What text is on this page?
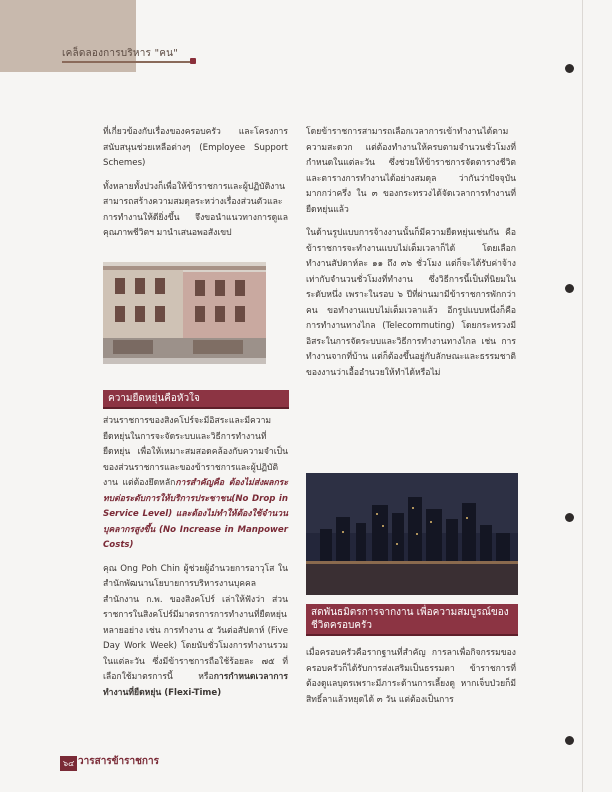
เคล็ดลองการบริหาร "คน"

ที่เกี่ยวข้องกับเรื่องของครอบครัว และโครงการสนับสนุนช่วยเหลือต่างๆ (Employee Support Schemes)

ทั้งหลายทั้งปวงก็เพื่อให้ข้าราชการและผู้ปฏิบัติงานสามารถสร้างความสมดุลระหว่างเรื่องส่วนตัวและการทำงานให้ดียิ่งขึ้น จึงขอนำแนวทางการดูแลคุณภาพชีวิตฯ มานำเสนอพอสังเขป

ความยืดหยุ่นคือหัวใจ

ส่วนราชการของสิงคโปร์จะมีอิสระและมีความยืดหยุ่นในการจะจัดระบบและวิธีการทำงานที่ยืดหยุ่น เพื่อให้เหมาะสมสอดคล้องกับความจำเป็นของส่วนราชการและของข้าราชการและผู้ปฏิบัติงาน แต่ต้องยึดหลักการสำคัญคือ ต้องไม่ส่งผลกระทบต่อระดับการให้บริการประชาชน(No Drop in Service Level) และต้องไม่ทำให้ต้องใช้จำนวนบุคลากรสูงขึ้น (No Increase in Manpower Costs)

คุณ Ong Poh Chin ผู้ช่วยผู้อำนวยการอาวุโส ในสำนักพัฒนานโยบายการบริหารงานบุคคล สำนักงาน ก.พ. ของสิงคโปร์ เล่าให้ฟังว่า ส่วนราชการในสิงคโปร์มีมาตรการการทำงานที่ยืดหยุ่นหลายอย่าง เช่น การทำงาน ๕ วันต่อสัปดาห์ (Five Day Work Week) โดยนับชั่วโมงการทำงานรวมในแต่ละวัน ซึ่งมีข้าราชการถือใช้ร้อยละ ๗๕ ที่เลือกใช้มาตรการนี้ หรือการกำหนดเวลาการทำงานที่ยืดหยุ่น (Flexi-Time)

โดยข้าราชการสามารถเลือกเวลาการเข้าทำงานได้ตามความสะดวก แต่ต้องทำงานให้ครบตามจำนวนชั่วโมงที่กำหนดในแต่ละวัน ซึ่งช่วยให้ข้าราชการจัดตารางชีวิตและตารางการทำงานได้อย่างสมดุล ว่ากันว่าปัจจุบันมากกว่าครึ่ง ใน ๓ ของกระทรวงได้จัดเวลาการทำงานที่ยืดหยุ่นแล้ว

ในด้านรูปแบบการจ้างงานนั้นก็มีความยืดหยุ่นเช่นกัน คือข้าราชการจะทำงานแบบไม่เต็มเวลาก็ได้ โดยเลือกทำงานสัปดาห์ละ ๑๑ ถึง ๓๖ ชั่วโมง แต่ก็จะได้รับค่าจ้างเท่ากับจำนวนชั่วโมงที่ทำงาน ซึ่งวิธีการนี้เป็นที่นิยมในระดับหนึ่ง เพราะในรอบ ๖ ปีที่ผ่านมามีข้าราชการพักกว่าคน ขอทำงานแบบไม่เต็มเวลาแล้ว อีกรูปแบบหนึ่งก็คือการทำงานทางไกล (Telecommuting) โดยกระทรวงมีอิสระในการจัดระบบและวิธีการทำงานทางไกล เช่น การทำงานจากที่บ้าน แต่ก็ต้องขึ้นอยู่กับลักษณะและธรรมชาติของงานว่าเอื้ออำนวยให้ทำได้หรือไม่

สดพันธมิตรการจากงาน เพื่อความสมบูรณ์ของชีวิตครอบครัว

เมื่อครอบครัวคือรากฐานที่สำคัญ การลาเพื่อกิจกรรมของครอบครัวก็ได้รับการส่งเสริมเป็นธรรมดา ข้าราชการที่ต้องดูแลบุตรเพราะมีภาระด้านการเลี้ยงดู หากเจ็บป่วยก็มีสิทธิ์ลาแล้วหยุดได้ ๓ วัน แต่ต้องเป็นการ

๖๔ วารสารข้าราชการ
